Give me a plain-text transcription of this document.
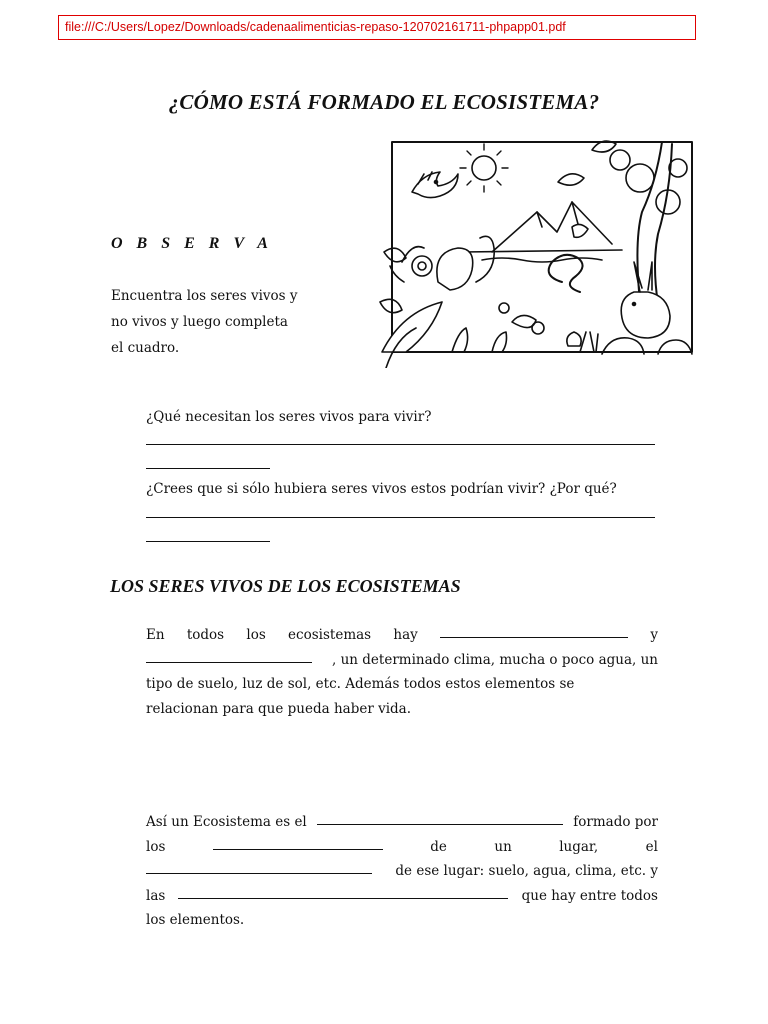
file:///C:/Users/Lopez/Downloads/cadenaalimenticias-repaso-120702161711-phpapp01.pdf
¿CÓMO ESTÁ FORMADO EL ECOSISTEMA?
O B S E R V A
Encuentra los seres vivos y
no vivos y luego completa
el cuadro.
¿Qué necesitan los seres vivos para vivir?
¿Crees que si sólo hubiera seres vivos estos podrían vivir? ¿Por qué?
LOS SERES VIVOS DE LOS ECOSISTEMAS
En todos los ecosistemas hay	y
, un determinado clima, mucha o poco agua, un
tipo de suelo, luz de sol, etc. Además todos estos elementos se
relacionan para que pueda haber vida.
Así un Ecosistema es el	formado por
los	de	un	lugar,	el
de ese lugar: suelo, agua, clima, etc. y
las	que hay entre todos
los elementos.
